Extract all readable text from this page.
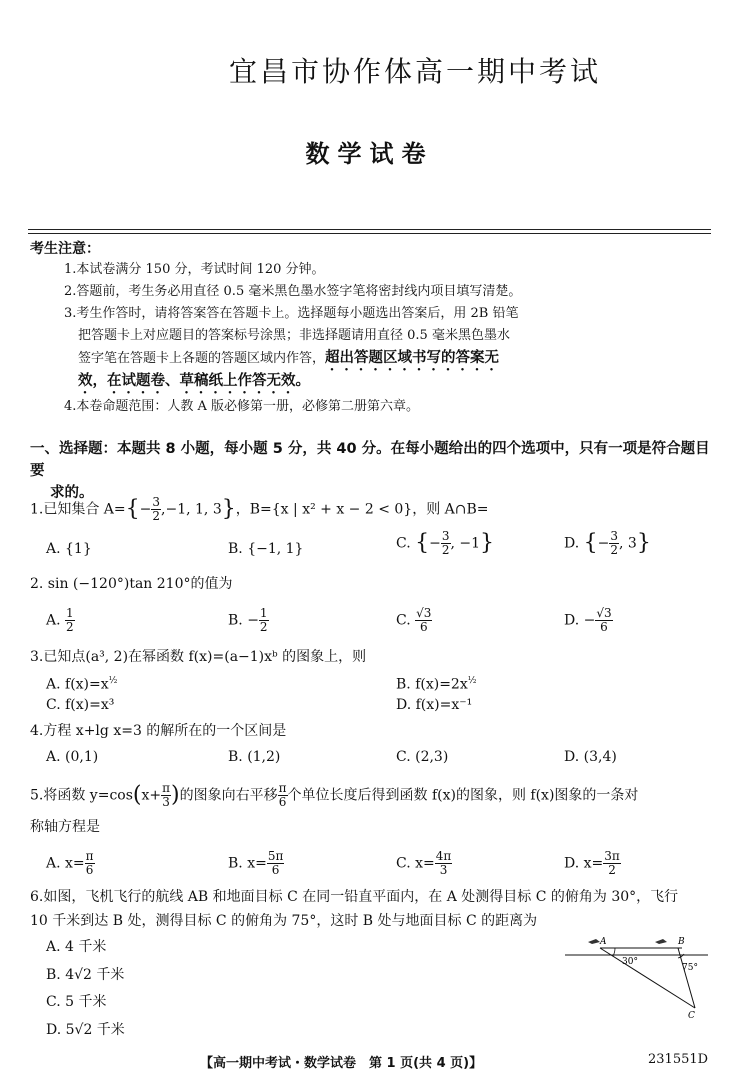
宜昌市协作体高一期中考试
数学试卷
考生注意：
1.本试卷满分 150 分，考试时间 120 分钟。
2.答题前，考生务必用直径 0.5 毫米黑色墨水签字笔将密封线内项目填写清楚。
3.考生作答时，请将答案答在答题卡上。选择题每小题选出答案后，用 2B 铅笔
把答题卡上对应题目的答案标号涂黑；非选择题请用直径 0.5 毫米黑色墨水
签字笔在答题卡上各题的答题区域内作答，超出答题区域书写的答案无
效，在试题卷、草稿纸上作答无效。
4.本卷命题范围：人教 A 版必修第一册，必修第二册第六章。
一、选择题：本题共 8 小题，每小题 5 分，共 40 分。在每小题给出的四个选项中，只有一项是符合题目要
求的。
1.已知集合 $A=\{- \frac{3}{2} ,-1$, 1, 3}，B={x | x² + x − 2 < 0}，则 A∩B=
A. {1}	B. {−1, 1}	C. {− $\frac{3}{2}$ , −1}	D. {− $\frac{3}{2}$ , 3}
2. sin (−120°)tan 210°的值为
A. $\frac{1}{2}$	B. − $\frac{1}{2}$	C. $\frac{√3}{6}$	D. − $\frac{√3}{6}$
3.已知点(a³, 2)在幂函数 f(x)=(a−1)xᵇ 的图象上，则
A. $f(x)=x^{\frac{1}{2}}$	B. $f(x)=2x^{\frac{1}{2}}$
C. f(x)=x³	D. f(x)=x⁻¹
4.方程 x+lg x=3 的解所在的一个区间是
A. (0,1)	B. (1,2)	C. (2,3)	D. (3,4)
5.将函数 $y=\cos(x+ \frac{\pi}{3}$ )的图象向右平移 $\frac{\pi}{6}$ 个单位长度后得到函数 f(x)的图象，则 f(x)图象的一条对
称轴方程是
A. $x= \frac{\pi}{6}$	B. $x= \frac{5\pi}{6}$	C. $x= \frac{4\pi}{3}$	D. $x= \frac{3\pi}{2}$
6.如图，飞机飞行的航线 AB 和地面目标 C 在同一铅直平面内，在 A 处测得目标 C 的俯角为 30°，飞行
10 千米到达 B 处，测得目标 C 的俯角为 75°，这时 B 处与地面目标 C 的距离为
A. 4 千米
B. 4√2 千米
C. 5 千米
D. 5√2 千米
A	B
C
30°
75°
【高一期中考试・数学试卷　第 1 页(共 4 页)】	231551D
